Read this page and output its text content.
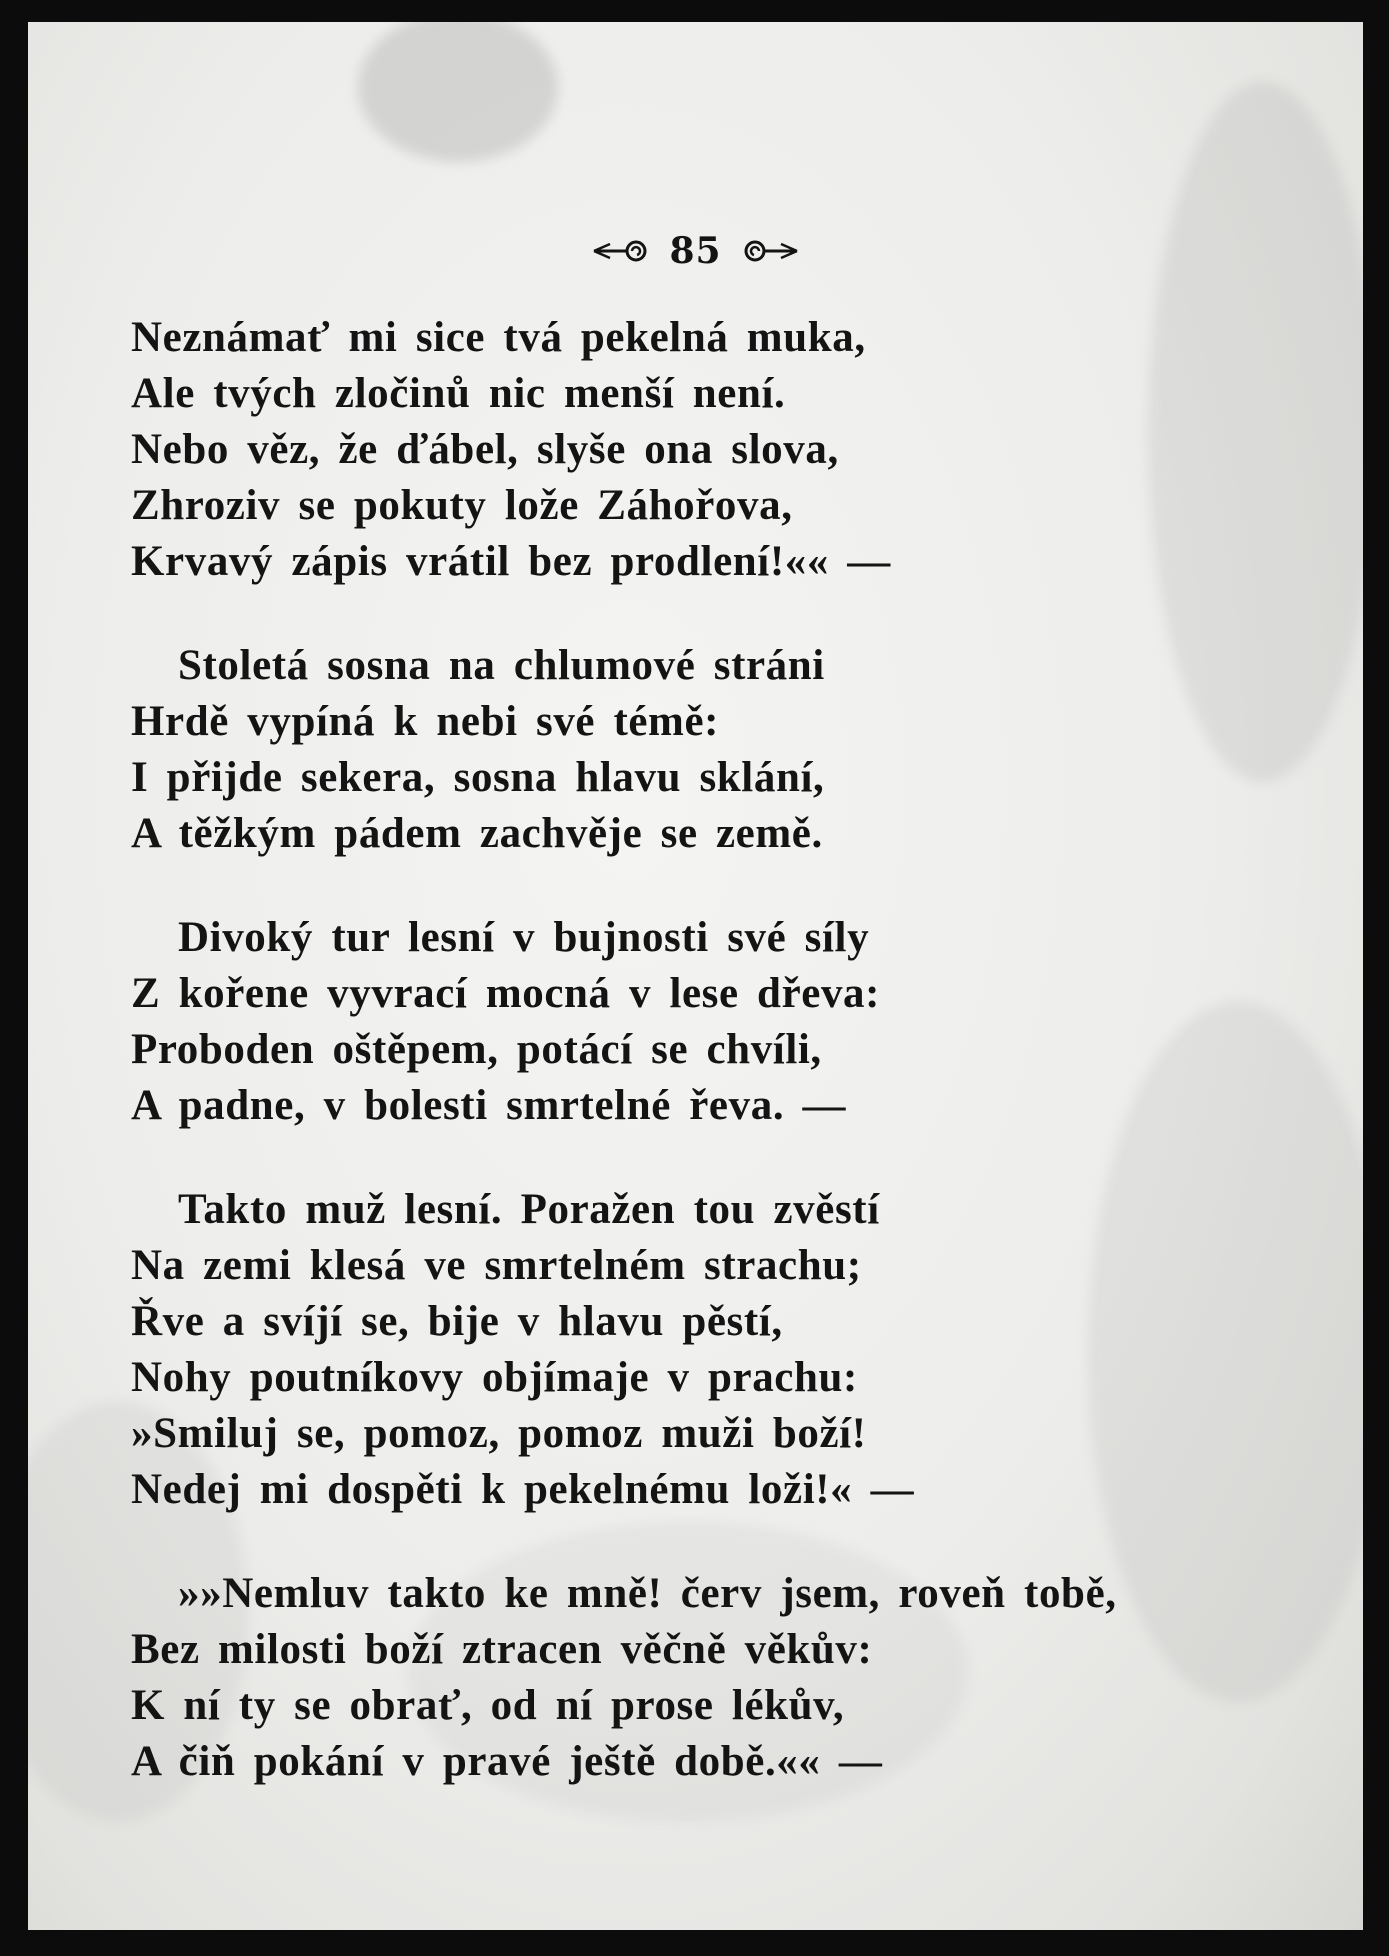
85
Neznámať mi sice tvá pekelná muka,
Ale tvých zločinů nic menší není.
Nebo věz, že ďábel, slyše ona slova,
Zhroziv se pokuty lože Záhořova,
Krvavý zápis vrátil bez prodlení!«« —
Stoletá sosna na chlumové stráni
Hrdě vypíná k nebi své témě:
I přijde sekera, sosna hlavu sklání,
A těžkým pádem zachvěje se země.
Divoký tur lesní v bujnosti své síly
Z kořene vyvrací mocná v lese dřeva:
Proboden oštěpem, potácí se chvíli,
A padne, v bolesti smrtelné řeva. —
Takto muž lesní. Poražen tou zvěstí
Na zemi klesá ve smrtelném strachu;
Řve a svíjí se, bije v hlavu pěstí,
Nohy poutníkovy objímaje v prachu:
»Smiluj se, pomoz, pomoz muži boží!
Nedej mi dospěti k pekelnému loži!« —
»»Nemluv takto ke mně! červ jsem, roveň tobě,
Bez milosti boží ztracen věčně věkův:
K ní ty se obrať, od ní prose lékův,
A čiň pokání v pravé ještě době.«« —
